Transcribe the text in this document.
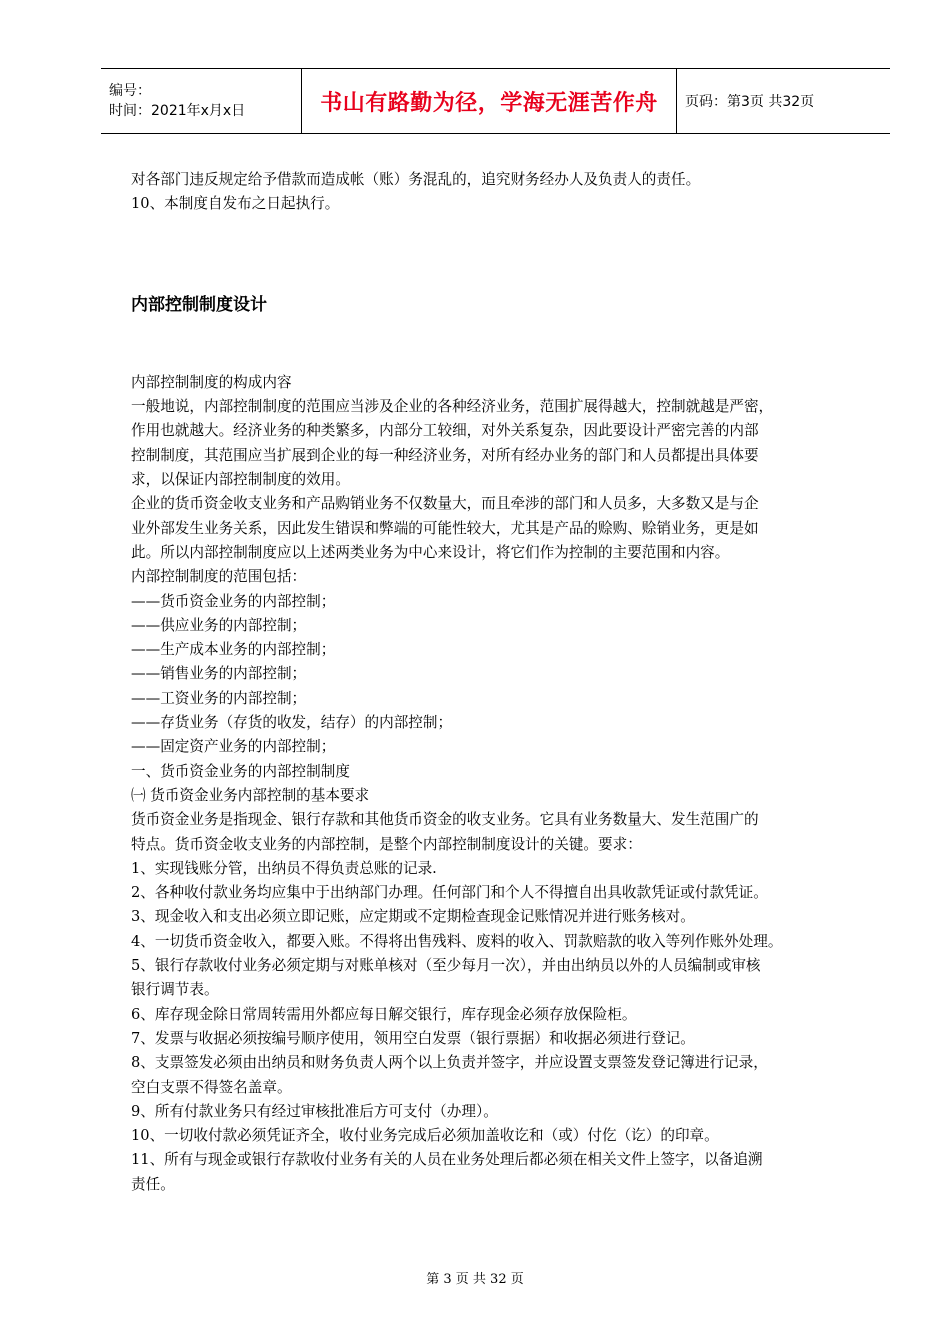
编号：
时间：2021年x月x日	书山有路勤为径，学海无涯苦作舟 页码：第3页 共32页

对各部门违反规定给予借款而造成帐（账）务混乱的，追究财务经办人及负责人的责任。

10、本制度自发布之日起执行。

内部控制制度设计

内部控制制度的构成内容

一般地说，内部控制制度的范围应当涉及企业的各种经济业务，范围扩展得越大，控制就越是严密，

作用也就越大。经济业务的种类繁多，内部分工较细，对外关系复杂，因此要设计严密完善的内部

控制制度，其范围应当扩展到企业的每一种经济业务，对所有经办业务的部门和人员都提出具体要

求，以保证内部控制制度的效用。

企业的货币资金收支业务和产品购销业务不仅数量大，而且牵涉的部门和人员多，大多数又是与企

业外部发生业务关系，因此发生错误和弊端的可能性较大，尤其是产品的赊购、赊销业务，更是如

此。所以内部控制制度应以上述两类业务为中心来设计，将它们作为控制的主要范围和内容。

内部控制制度的范围包括：

——货币资金业务的内部控制；

——供应业务的内部控制；

——生产成本业务的内部控制；

——销售业务的内部控制；

——工资业务的内部控制；

——存货业务（存货的收发，结存）的内部控制；

——固定资产业务的内部控制；

一、货币资金业务的内部控制制度

㈠ 货币资金业务内部控制的基本要求

货币资金业务是指现金、银行存款和其他货币资金的收支业务。它具有业务数量大、发生范围广的

特点。货币资金收支业务的内部控制，是整个内部控制制度设计的关键。要求：

1、实现钱账分管，出纳员不得负责总账的记录.

2、各种收付款业务均应集中于出纳部门办理。任何部门和个人不得擅自出具收款凭证或付款凭证。

3、现金收入和支出必须立即记账，应定期或不定期检查现金记账情况并进行账务核对。

4、一切货币资金收入，都要入账。不得将出售残料、废料的收入、罚款赔款的收入等列作账外处理。

5、银行存款收付业务必须定期与对账单核对（至少每月一次），并由出纳员以外的人员编制或审核

银行调节表。

6、库存现金除日常周转需用外都应每日解交银行，库存现金必须存放保险柜。

7、发票与收据必须按编号顺序使用，领用空白发票（银行票据）和收据必须进行登记。

8、支票签发必须由出纳员和财务负责人两个以上负责并签字，并应设置支票签发登记簿进行记录，

空白支票不得签名盖章。

9、所有付款业务只有经过审核批准后方可支付（办理）。

10、一切收付款必须凭证齐全，收付业务完成后必须加盖收讫和（或）付仡（讫）的印章。

11、所有与现金或银行存款收付业务有关的人员在业务处理后都必须在相关文件上签字，以备追溯

责任。

第 3 页 共 32 页
